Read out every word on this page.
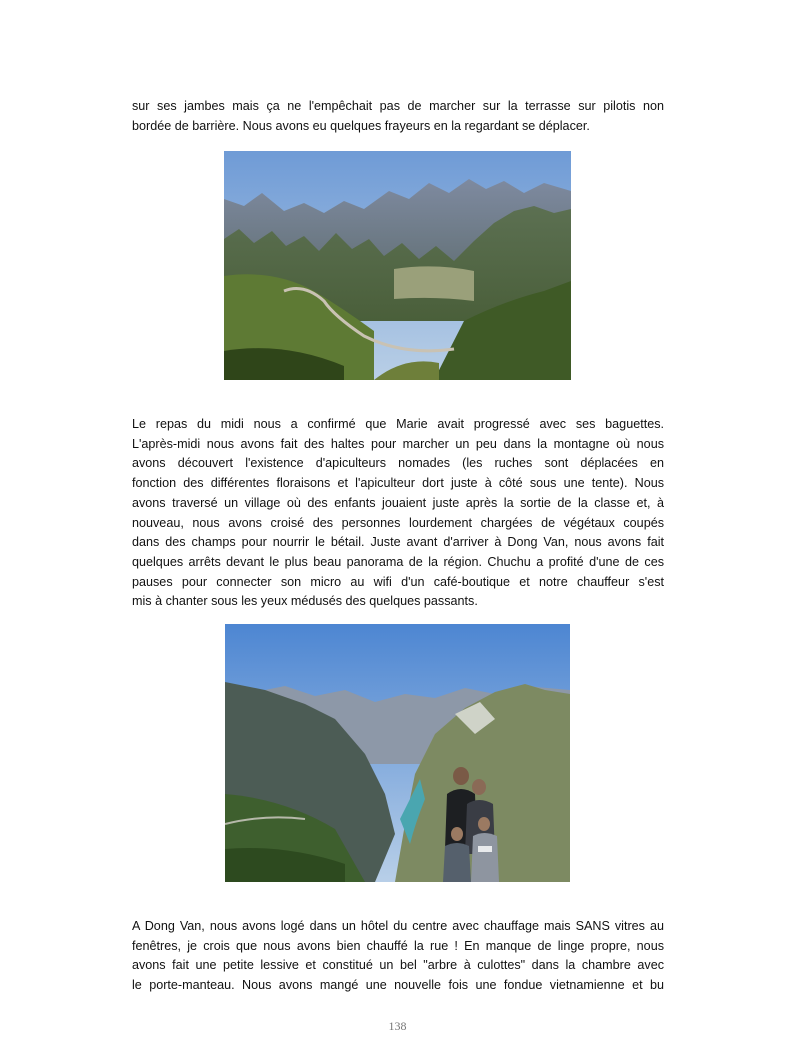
sur ses jambes mais ça ne l'empêchait pas de marcher sur la terrasse sur pilotis non
bordée de barrière. Nous avons eu quelques frayeurs en la regardant se déplacer.
Le repas du midi nous a confirmé que Marie avait progressé avec ses baguettes.
L'après-midi nous avons fait des haltes pour marcher un peu dans la montagne où nous
avons découvert l'existence d'apiculteurs nomades (les ruches sont déplacées en
fonction des différentes floraisons et l'apiculteur dort juste à côté sous une tente). Nous
avons traversé un village où des enfants jouaient juste après la sortie de la classe et, à
nouveau, nous avons croisé des personnes lourdement chargées de végétaux coupés
dans des champs pour nourrir le bétail. Juste avant d'arriver à Dong Van, nous avons fait
quelques arrêts devant le plus beau panorama de la région. Chuchu a profité d'une de ces
pauses pour connecter son micro au wifi d'un café-boutique et notre chauffeur s'est
mis à chanter sous les yeux médusés des quelques passants.
A Dong Van, nous avons logé dans un hôtel du centre avec chauffage mais SANS vitres au
fenêtres, je crois que nous avons bien chauffé la rue ! En manque de linge propre, nous
avons fait une petite lessive et constitué un bel "arbre à culottes" dans la chambre avec
le porte-manteau. Nous avons mangé une nouvelle fois une fondue vietnamienne et bu
138
